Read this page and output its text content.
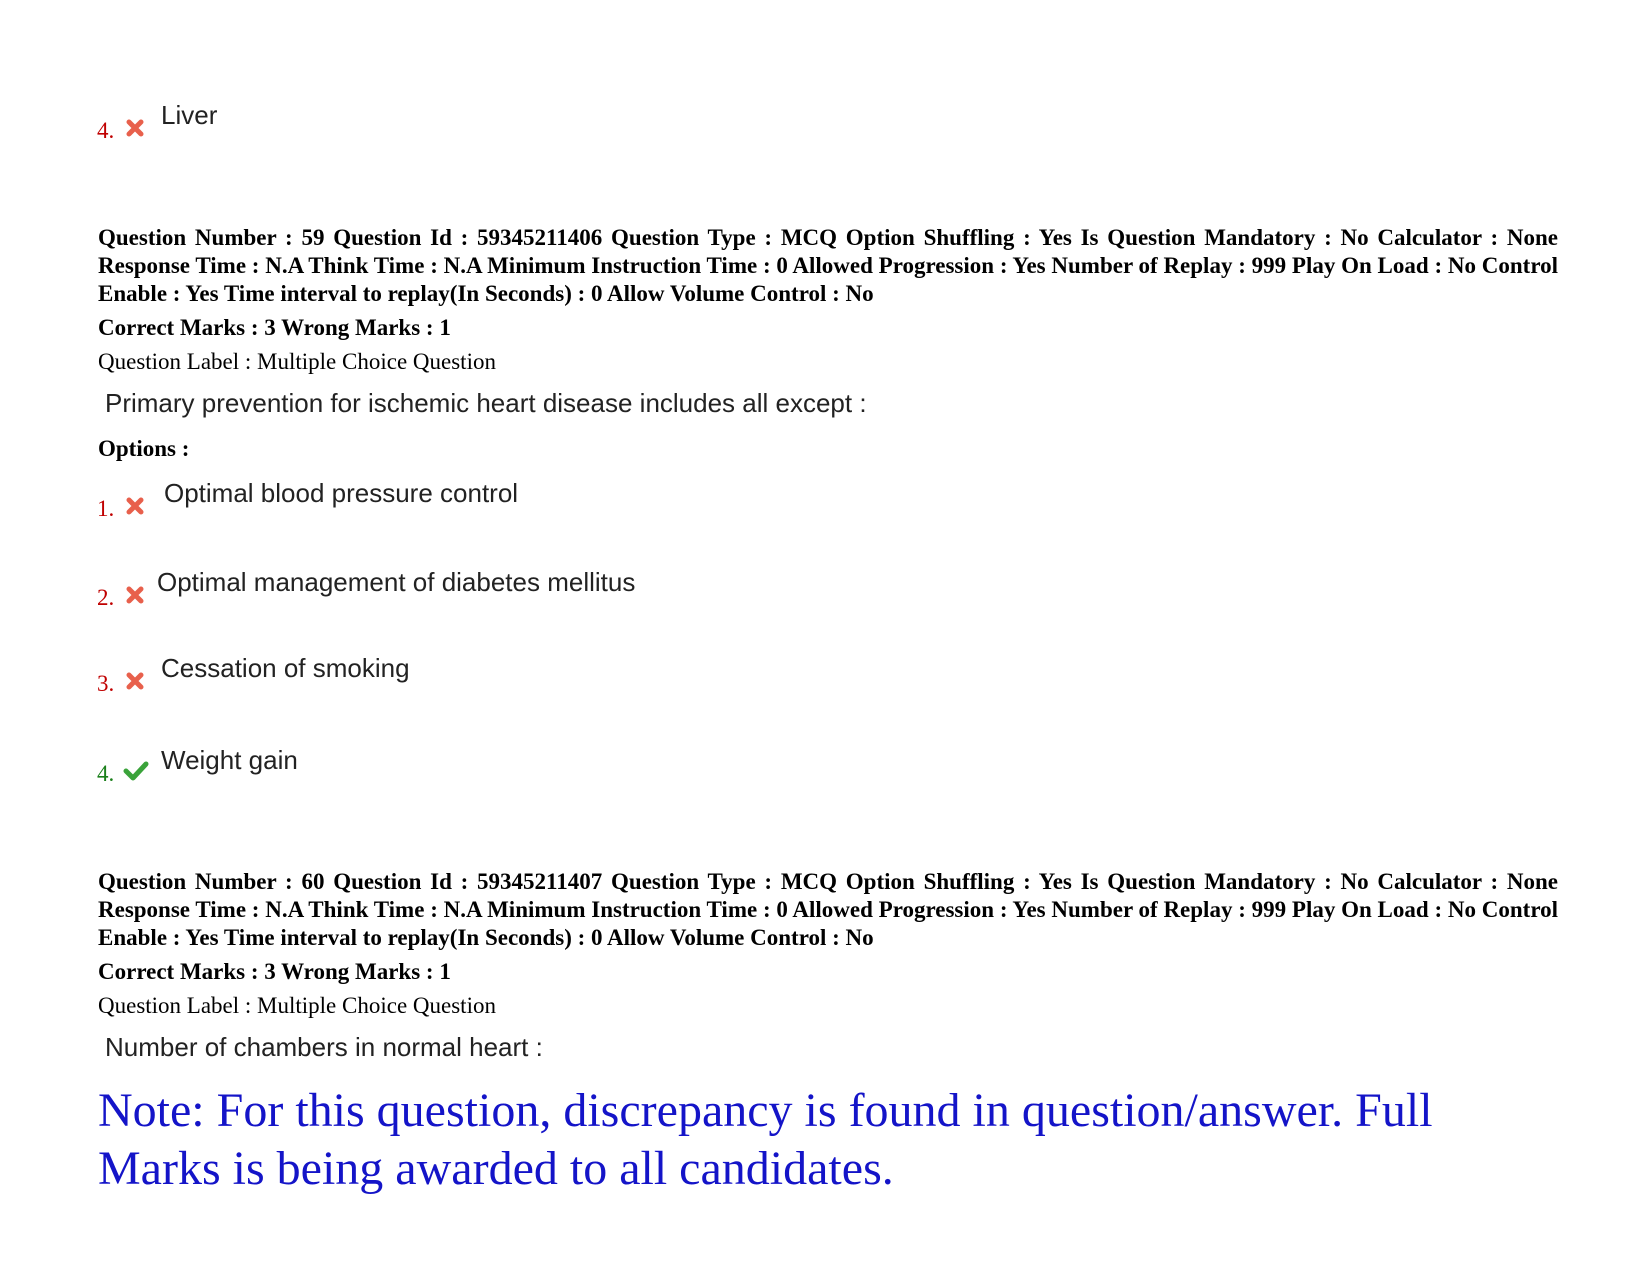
4.
Liver
Question Number : 59 Question Id : 59345211406 Question Type : MCQ Option Shuffling : Yes Is Question Mandatory : No Calculator : None Response Time : N.A Think Time : N.A Minimum Instruction Time : 0 Allowed Progression : Yes Number of Replay : 999 Play On Load : No Control Enable : Yes Time interval to replay(In Seconds) : 0 Allow Volume Control : No
Correct Marks : 3 Wrong Marks : 1
Question Label : Multiple Choice Question
Primary prevention for ischemic heart disease includes all except :
Options :
1.
Optimal blood pressure control
2.
Optimal management of diabetes mellitus
3.
Cessation of smoking
4. Weight gain
Question Number : 60 Question Id : 59345211407 Question Type : MCQ Option Shuffling : Yes Is Question Mandatory : No Calculator : None Response Time : N.A Think Time : N.A Minimum Instruction Time : 0 Allowed Progression : Yes Number of Replay : 999 Play On Load : No Control Enable : Yes Time interval to replay(In Seconds) : 0 Allow Volume Control : No
Correct Marks : 3 Wrong Marks : 1
Question Label : Multiple Choice Question
Number of chambers in normal heart :
Note: For this question, discrepancy is found in question/answer. Full Marks is being awarded to all candidates.
